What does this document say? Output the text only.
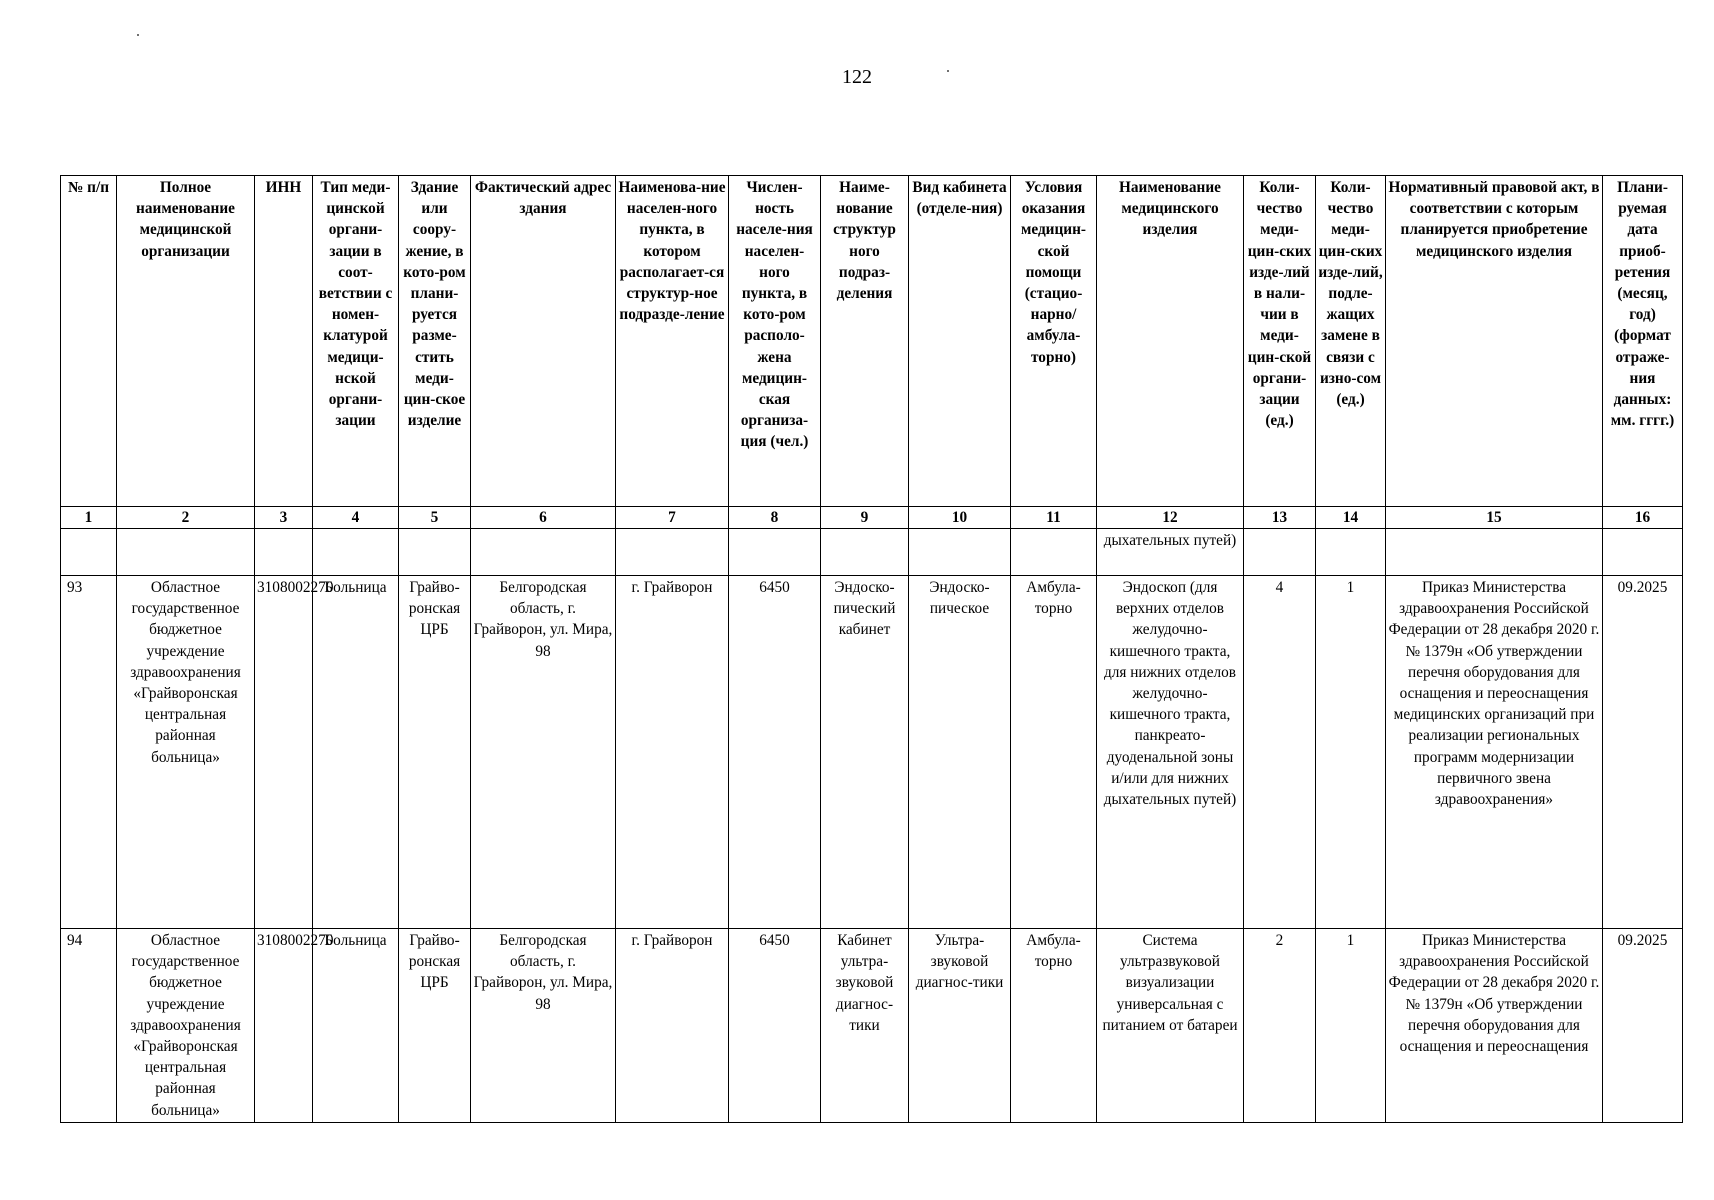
122
№ п/п	Полное наименование медицинской организации	ИНН	Тип меди-цинской органи-зации в соот-ветствии с номен-клатурой медици-нской органи-зации	Здание или соору-жение, в кото-ром плани-руется разме-стить меди-цин-ское изделие	Фактический адрес здания	Наименова-ние населен-ного пункта, в котором располагает-ся структур-ное подразде-ление	Числен-ность населе-ния населен-ного пункта, в кото-ром располо-жена медицин-ская организа-ция (чел.)	Наиме-нование структур ного подраз-деления	Вид кабинета (отделе-ния)	Условия оказания медицин-ской помощи (стацио-нарно/ амбула-торно)	Наименование медицинского изделия	Коли-чество меди-цин-ских изде-лий в нали-чии в меди-цин-ской органи-зации (ед.)	Коли-чество меди-цин-ских изде-лий, подле-жащих замене в связи с изно-сом (ед.)	Нормативный правовой акт, в соответствии с которым планируется приобретение медицинского изделия	Плани-руемая дата приоб-ретения (месяц, год) (формат отраже-ния данных: мм. гггг.)
1	2	3	4	5	6	7	8	9	10	11	12	13	14	15	16
											дыхательных путей)				
93	Областное государственное бюджетное учреждение здравоохранения «Грайворонская центральная районная больница»	3108002270	Больница	Грайво-ронская ЦРБ	Белгородская область, г. Грайворон, ул. Мира, 98	г. Грайворон	6450	Эндоско-пический кабинет	Эндоско-пическое	Амбула-торно	Эндоскоп (для верхних отделов желудочно-кишечного тракта, для нижних отделов желудочно-кишечного тракта, панкреато-дуоденальной зоны и/или для нижних дыхательных путей)	4	1	Приказ Министерства здравоохранения Российской Федерации от 28 декабря 2020 г. № 1379н «Об утверждении перечня оборудования для оснащения и переоснащения медицинских организаций при реализации региональных программ модернизации первичного звена здравоохранения»	09.2025
94	Областное государственное бюджетное учреждение здравоохранения «Грайворонская центральная районная больница»	3108002270	Больница	Грайво-ронская ЦРБ	Белгородская область, г. Грайворон, ул. Мира, 98	г. Грайворон	6450	Кабинет ультра-звуковой диагнос-тики	Ультра-звуковой диагнос-тики	Амбула-торно	Система ультразвуковой визуализации универсальная с питанием от батареи	2	1	Приказ Министерства здравоохранения Российской Федерации от 28 декабря 2020 г. № 1379н «Об утверждении перечня оборудования для оснащения и переоснащения	09.2025
